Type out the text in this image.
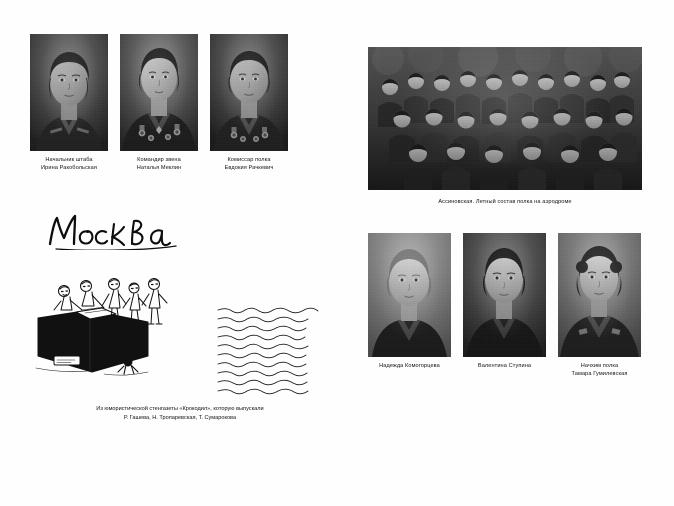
Начальник штаба
Ирина Ракобольская
Командир звена
Наталья Меклин
Комиссар полка
Евдокия Рачкевич
Ассиновская. Летный состав полка на аэродроме
Надежда Комогорцева	Валентина Ступина	Начхим полка
Тамара Гумилевская
Из юмористической стенгазеты «Крокодил», которую выпускали
Р. Гашева, Н. Тропаревская, Т. Сумарокова
